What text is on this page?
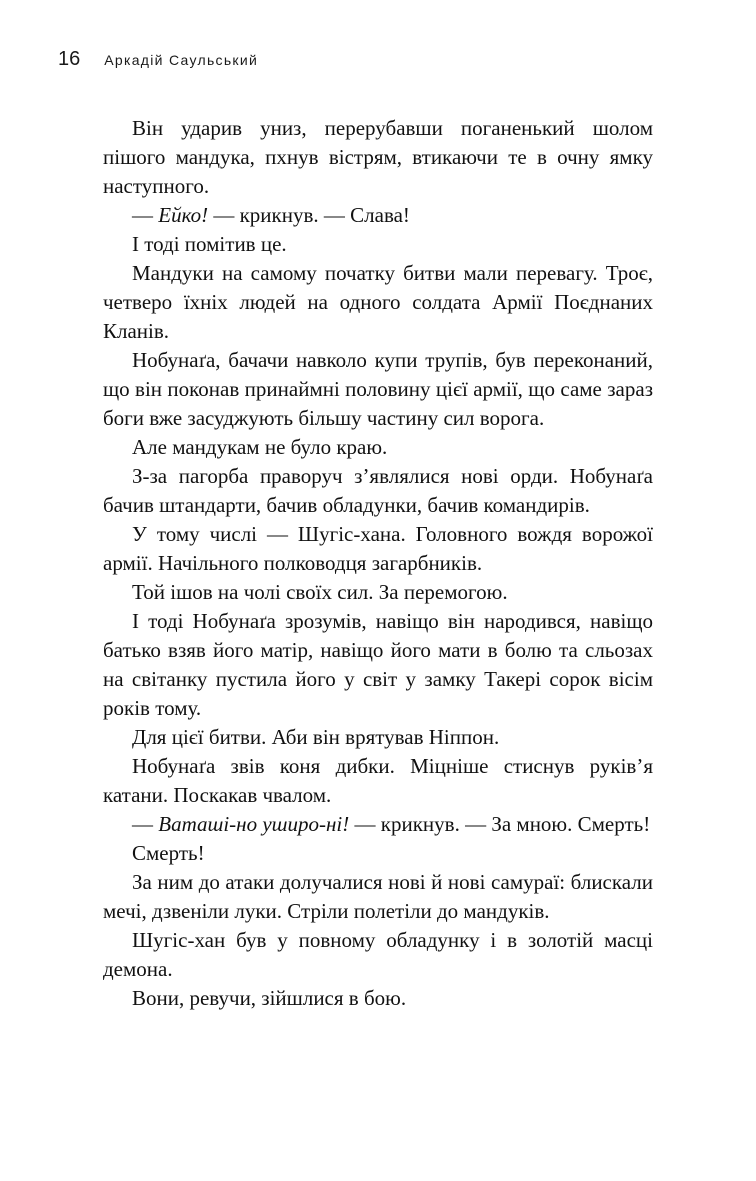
16 Аркадій Саульський

Він ударив униз, перерубавши поганенький шолом пішого мандука, пхнув вістрям, втикаючи те в очну ямку наступного.

— Ейко! — крикнув. — Слава!

І тоді помітив це.

Мандуки на самому початку битви мали перевагу. Троє, четверо їхніх людей на одного солдата Армії Поєднаних Кланів.

Нобунаґа, бачачи навколо купи трупів, був переконаний, що він поконав принаймні половину цієї армії, що саме зараз боги вже засуджують більшу частину сил ворога.

Але мандукам не було краю.

З-за пагорба праворуч з’являлися нові орди. Нобунаґа бачив штандарти, бачив обладунки, бачив командирів.

У тому числі — Шугіс-хана. Головного вождя ворожої армії. Начільного полководця загарбників.

Той ішов на чолі своїх сил. За перемогою.

І тоді Нобунаґа зрозумів, навіщо він народився, навіщо батько взяв його матір, навіщо його мати в болю та сльозах на світанку пустила його у світ у замку Такері сорок вісім років тому.

Для цієї битви. Аби він врятував Ніппон.

Нобунаґа звів коня дибки. Міцніше стиснув руків’я катани. Поскакав чвалом.

— Ваташі-но уширо-ні! — крикнув. — За мною. Смерть!

Смерть!

За ним до атаки долучалися нові й нові самураї: блискали мечі, дзвеніли луки. Стріли полетіли до мандуків.

Шугіс-хан був у повному обладунку і в золотій масці демона.

Вони, ревучи, зійшлися в бою.
